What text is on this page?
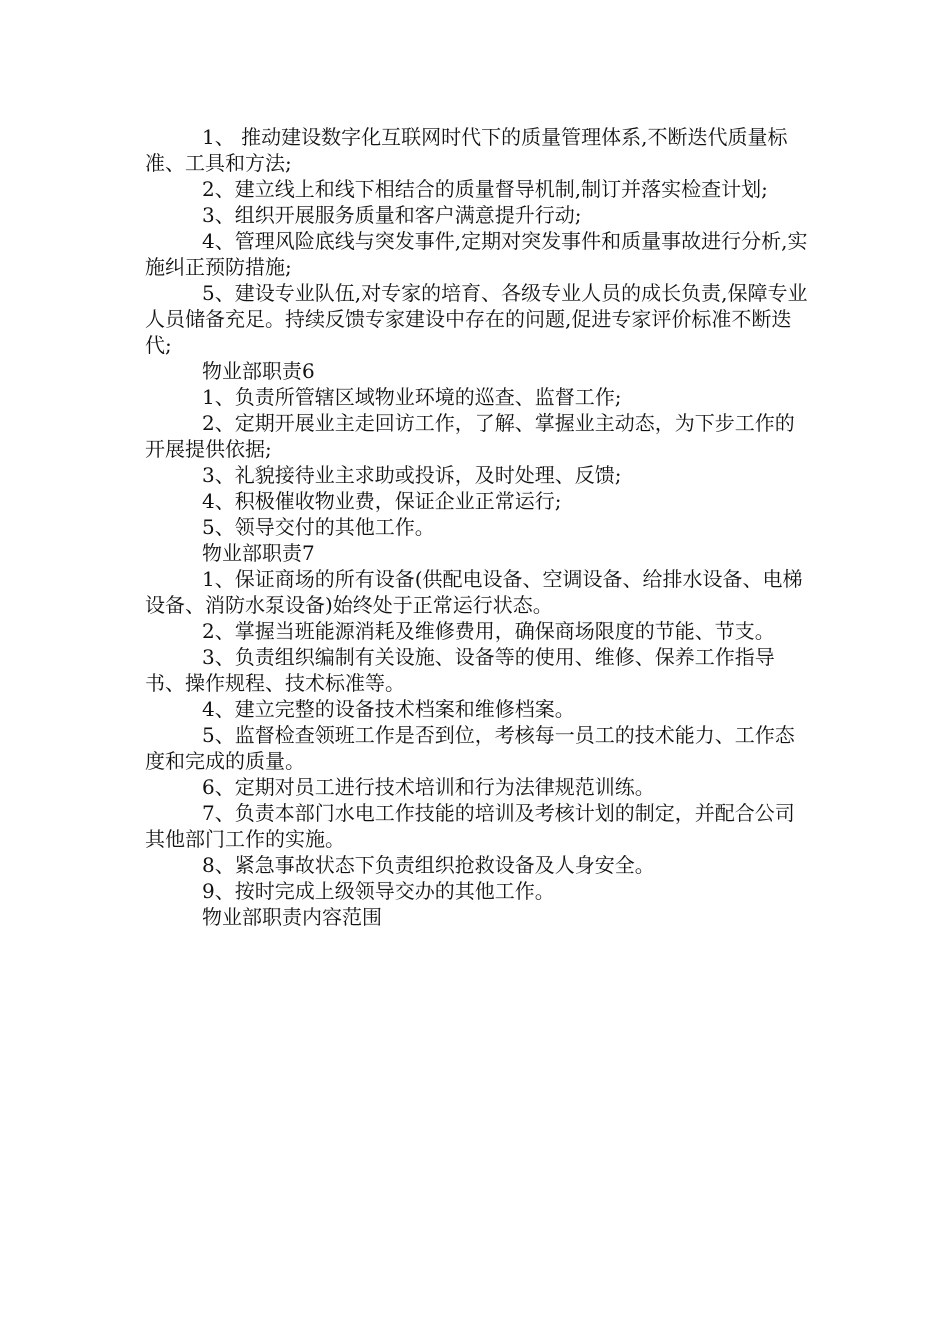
1、 推动建设数字化互联网时代下的质量管理体系,不断迭代质量标准、工具和方法;

2、建立线上和线下相结合的质量督导机制,制订并落实检查计划;

3、组织开展服务质量和客户满意提升行动;

4、管理风险底线与突发事件,定期对突发事件和质量事故进行分析,实施纠正预防措施;

5、建设专业队伍,对专家的培育、各级专业人员的成长负责,保障专业人员储备充足。持续反馈专家建设中存在的问题,促进专家评价标准不断迭代;

物业部职责6

1、负责所管辖区域物业环境的巡查、监督工作;

2、定期开展业主走回访工作，了解、掌握业主动态，为下步工作的开展提供依据;

3、礼貌接待业主求助或投诉，及时处理、反馈;

4、积极催收物业费，保证企业正常运行;

5、领导交付的其他工作。

物业部职责7

1、保证商场的所有设备(供配电设备、空调设备、给排水设备、电梯设备、消防水泵设备)始终处于正常运行状态。

2、掌握当班能源消耗及维修费用，确保商场限度的节能、节支。

3、负责组织编制有关设施、设备等的使用、维修、保养工作指导书、操作规程、技术标准等。

4、建立完整的设备技术档案和维修档案。

5、监督检查领班工作是否到位，考核每一员工的技术能力、工作态度和完成的质量。

6、定期对员工进行技术培训和行为法律规范训练。

7、负责本部门水电工作技能的培训及考核计划的制定，并配合公司其他部门工作的实施。

8、紧急事故状态下负责组织抢救设备及人身安全。

9、按时完成上级领导交办的其他工作。

物业部职责内容范围
